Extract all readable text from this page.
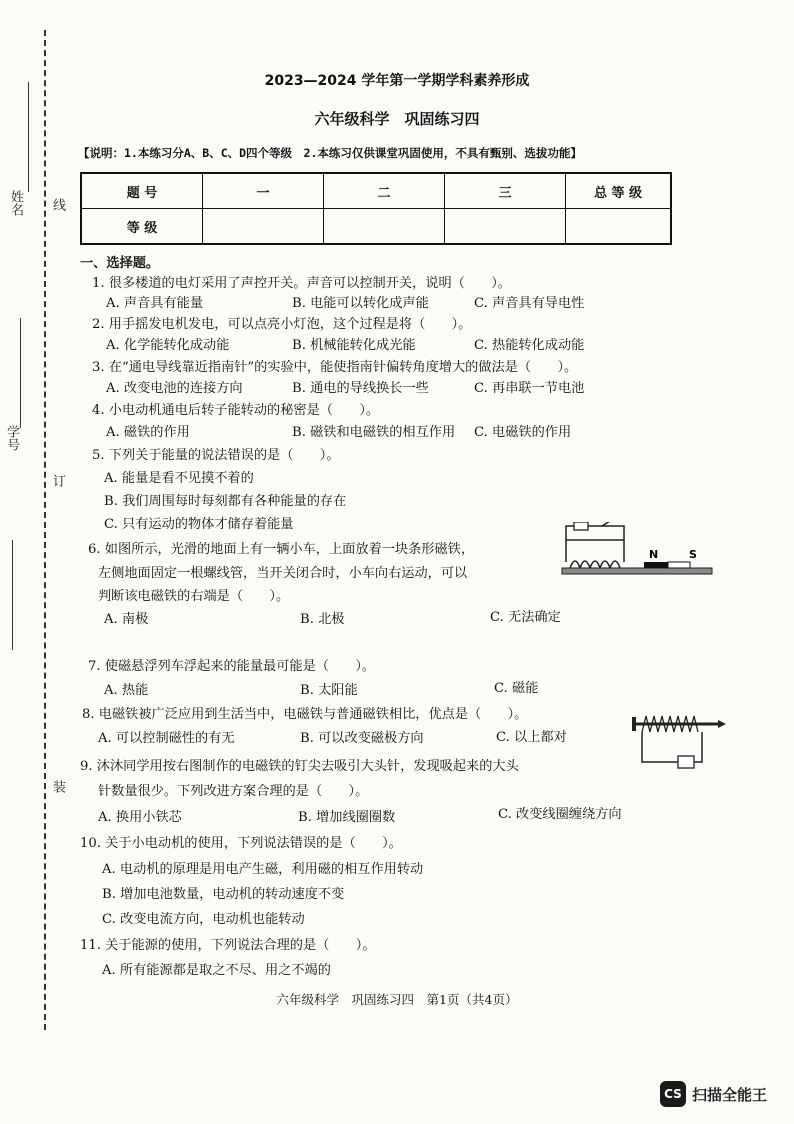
姓名 线
学号
订
装
2023—2024 学年第一学期学科素养形成
六年级科学　巩固练习四
【说明：1.本练习分A、B、C、D四个等级　2.本练习仅供课堂巩固使用，不具有甄别、选拔功能】
题 号	一	二	三	总 等 级
等 级				
一、选择题。
1. 很多楼道的电灯采用了声控开关。声音可以控制开关，说明（　　）。
A. 声音具有能量	B. 电能可以转化成声能	C. 声音具有导电性
2. 用手摇发电机发电，可以点亮小灯泡，这个过程是将（　　）。
A. 化学能转化成动能	B. 机械能转化成光能	C. 热能转化成动能
3. 在“通电导线靠近指南针”的实验中，能使指南针偏转角度增大的做法是（　　）。
A. 改变电池的连接方向	B. 通电的导线换长一些	C. 再串联一节电池
4. 小电动机通电后转子能转动的秘密是（　　）。
A. 磁铁的作用	B. 磁铁和电磁铁的相互作用 C. 电磁铁的作用
5. 下列关于能量的说法错误的是（　　）。
A. 能量是看不见摸不着的
B. 我们周围每时每刻都有各种能量的存在
C. 只有运动的物体才储存着能量
6. 如图所示，光滑的地面上有一辆小车，上面放着一块条形磁铁，
左侧地面固定一根螺线管，当开关闭合时，小车向右运动，可以
判断该电磁铁的右端是（　　）。
A. 南极	B. 北极	C. 无法确定
N	S
7. 使磁悬浮列车浮起来的能量最可能是（　　）。
A. 热能	B. 太阳能	C. 磁能
8. 电磁铁被广泛应用到生活当中，电磁铁与普通磁铁相比，优点是（　　）。
A. 可以控制磁性的有无	B. 可以改变磁极方向	C. 以上都对
9. 沐沐同学用按右图制作的电磁铁的钉尖去吸引大头针，发现吸起来的大头
针数量很少。下列改进方案合理的是（　　）。
A. 换用小铁芯	B. 增加线圈圈数	C. 改变线圈缠绕方向
10. 关于小电动机的使用，下列说法错误的是（　　）。
A. 电动机的原理是用电产生磁，利用磁的相互作用转动
B. 增加电池数量，电动机的转动速度不变
C. 改变电流方向，电动机也能转动
11. 关于能源的使用，下列说法合理的是（　　）。
A. 所有能源都是取之不尽、用之不竭的
六年级科学　巩固练习四　第1页（共4页）
CS 扫描全能王
